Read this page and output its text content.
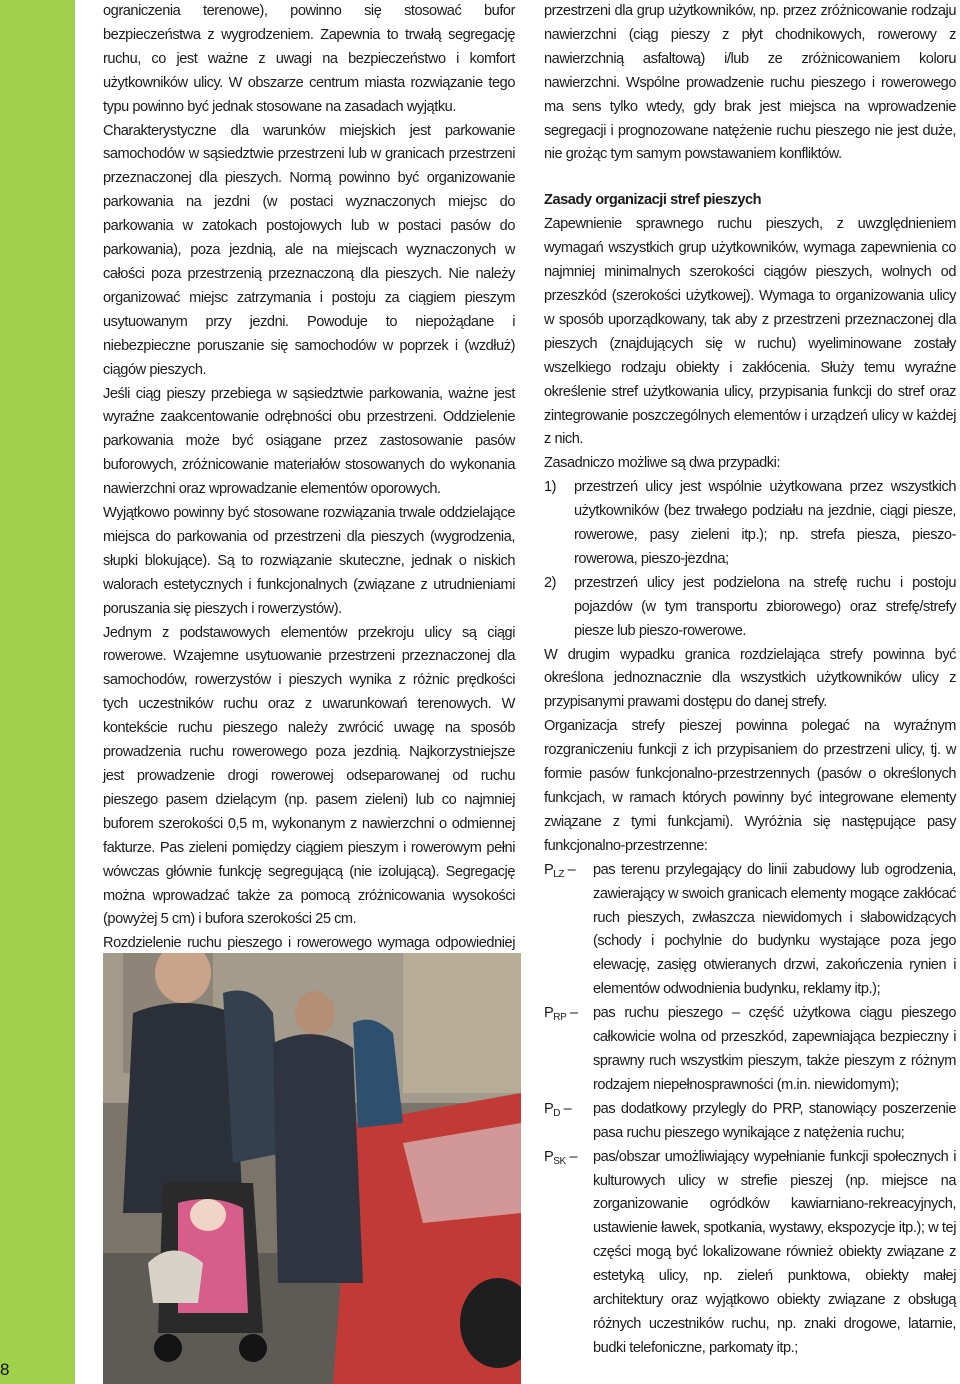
8

ograniczenia terenowe), powinno się stosować bufor bezpieczeństwa z wygrodzeniem. Zapewnia to trwałą segregację ruchu, co jest ważne z uwagi na bezpieczeństwo i komfort użytkowników ulicy. W obszarze centrum miasta rozwiązanie tego typu powinno być jednak stosowane na zasadach wyjątku.

Charakterystyczne dla warunków miejskich jest parkowanie samochodów w sąsiedztwie przestrzeni lub w granicach przestrzeni przeznaczonej dla pieszych. Normą powinno być organizowanie parkowania na jezdni (w postaci wyznaczonych miejsc do parkowania w zatokach postojowych lub w postaci pasów do parkowania), poza jezdnią, ale na miejscach wyznaczonych w całości poza przestrzenią przeznaczoną dla pieszych. Nie należy organizować miejsc zatrzymania i postoju za ciągiem pieszym usytuowanym przy jezdni. Powoduje to niepożądane i niebezpieczne poruszanie się samochodów w poprzek i (wzdłuż) ciągów pieszych.

Jeśli ciąg pieszy przebiega w sąsiedztwie parkowania, ważne jest wyraźne zaakcentowanie odrębności obu przestrzeni. Oddzielenie parkowania może być osiągane przez zastosowanie pasów buforowych, zróżnicowanie materiałów stosowanych do wykonania nawierzchni oraz wprowadzanie elementów oporowych.

Wyjątkowo powinny być stosowane rozwiązania trwale oddzielające miejsca do parkowania od przestrzeni dla pieszych (wygrodzenia, słupki blokujące). Są to rozwiązanie skuteczne, jednak o niskich walorach estetycznych i funkcjonalnych (związane z utrudnieniami poruszania się pieszych i rowerzystów).

Jednym z podstawowych elementów przekroju ulicy są ciągi rowerowe. Wzajemne usytuowanie przestrzeni przeznaczonej dla samochodów, rowerzystów i pieszych wynika z różnic prędkości tych uczestników ruchu oraz z uwarunkowań terenowych. W kontekście ruchu pieszego należy zwrócić uwagę na sposób prowadzenia ruchu rowerowego poza jezdnią. Najkorzystniejsze jest prowadzenie drogi rowerowej odseparowanej od ruchu pieszego pasem dzielącym (np. pasem zieleni) lub co najmniej buforem szerokości 0,5 m, wykonanym z nawierzchni o odmiennej fakturze. Pas zieleni pomiędzy ciągiem pieszym i rowerowym pełni wówczas głównie funkcję segregującą (nie izolującą). Segregację można wprowadzać także za pomocą zróżnicowania wysokości (powyżej 5 cm) i bufora szerokości 25 cm.

Rozdzielenie ruchu pieszego i rowerowego wymaga odpowiedniej

przestrzeni dla grup użytkowników, np. przez zróżnicowanie rodzaju nawierzchni (ciąg pieszy z płyt chodnikowych, rowerowy z nawierzchnią asfaltową) i/lub ze zróżnicowaniem koloru nawierzchni. Wspólne prowadzenie ruchu pieszego i rowerowego ma sens tylko wtedy, gdy brak jest miejsca na wprowadzenie segregacji i prognozowane natężenie ruchu pieszego nie jest duże, nie grożąc tym samym powstawaniem konfliktów.

Zasady organizacji stref pieszych

Zapewnienie sprawnego ruchu pieszych, z uwzględnieniem wymagań wszystkich grup użytkowników, wymaga zapewnienia co najmniej minimalnych szerokości ciągów pieszych, wolnych od przeszkód (szerokości użytkowej). Wymaga to organizowania ulicy w sposób uporządkowany, tak aby z przestrzeni przeznaczonej dla pieszych (znajdujących się w ruchu) wyeliminowane zostały wszelkiego rodzaju obiekty i zakłócenia. Służy temu wyraźne określenie stref użytkowania ulicy, przypisania funkcji do stref oraz zintegrowanie poszczególnych elementów i urządzeń ulicy w każdej z nich.

Zasadniczo możliwe są dwa przypadki:

1)	przestrzeń ulicy jest wspólnie użytkowana przez wszystkich użytkowników (bez trwałego podziału na jezdnie, ciągi piesze, rowerowe, pasy zieleni itp.); np. strefa piesza, pieszo-rowerowa, pieszo-jezdna;
2)	przestrzeń ulicy jest podzielona na strefę ruchu i postoju pojazdów (w tym transportu zbiorowego) oraz strefę/strefy piesze lub pieszo-rowerowe.

W drugim wypadku granica rozdzielająca strefy powinna być określona jednoznacznie dla wszystkich użytkowników ulicy z przypisanymi prawami dostępu do danej strefy.

Organizacja strefy pieszej powinna polegać na wyraźnym rozgraniczeniu funkcji z ich przypisaniem do przestrzeni ulicy, tj. w formie pasów funkcjonalno-przestrzennych (pasów o określonych funkcjach, w ramach których powinny być integrowane elementy związane z tymi funkcjami). Wyróżnia się następujące pasy funkcjonalno-przestrzenne:

$P_{LZ}$ –	pas terenu przylegający do linii zabudowy lub ogrodzenia, zawierający w swoich granicach elementy mogące zakłócać ruch pieszych, zwłaszcza niewidomych i słabowidzących (schody i pochylnie do budynku wystające poza jego elewację, zasięg otwieranych drzwi, zakończenia rynien i elementów odwodnienia budynku, reklamy itp.);
$P_{RP}$ –	pas ruchu pieszego – część użytkowa ciągu pieszego całkowicie wolna od przeszkód, zapewniająca bezpieczny i sprawny ruch wszystkim pieszym, także pieszym z różnym rodzajem niepełnosprawności (m.in. niewidomym);
$P_D$ –	pas dodatkowy przylegly do PRP, stanowiący poszerzenie pasa ruchu pieszego wynikające z natężenia ruchu;
$P_{SK}$ –	pas/obszar umożliwiający wypełnianie funkcji społecznych i kulturowych ulicy w strefie pieszej (np. miejsce na zorganizowanie ogródków kawiarniano-rekreacyjnych, ustawienie ławek, spotkania, wystawy, ekspozycje itp.); w tej części mogą być lokalizowane również obiekty związane z estetyką ulicy, np. zieleń punktowa, obiekty małej architektury oraz wyjątkowo obiekty związane z obsługą różnych uczestników ruchu, np. znaki drogowe, latarnie, budki telefoniczne, parkomaty itp.;
